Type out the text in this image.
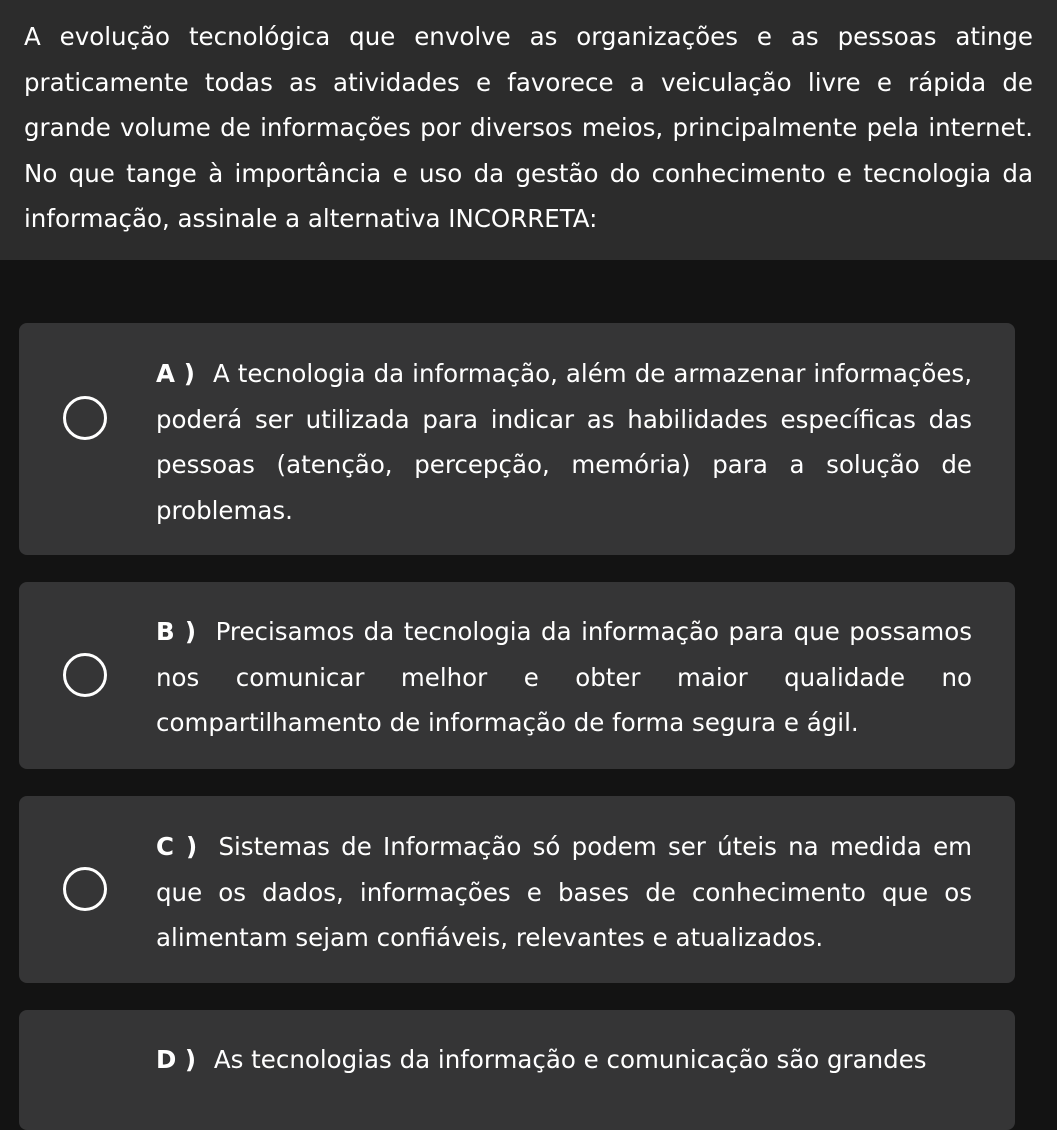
A evolução tecnológica que envolve as organizações e as pessoas atinge praticamente todas as atividades e favorece a veiculação livre e rápida de grande volume de informações por diversos meios, principalmente pela internet. No que tange à importância e uso da gestão do conhecimento e tecnologia da informação, assinale a alternativa INCORRETA:
A ) A tecnologia da informação, além de armazenar informações, poderá ser utilizada para indicar as habilidades específicas das pessoas (atenção, percepção, memória) para a solução de problemas.
B ) Precisamos da tecnologia da informação para que possamos nos comunicar melhor e obter maior qualidade no compartilhamento de informação de forma segura e ágil.
C ) Sistemas de Informação só podem ser úteis na medida em que os dados, informações e bases de conhecimento que os alimentam sejam confiáveis, relevantes e atualizados.
D ) As tecnologias da informação e comunicação são grandes
